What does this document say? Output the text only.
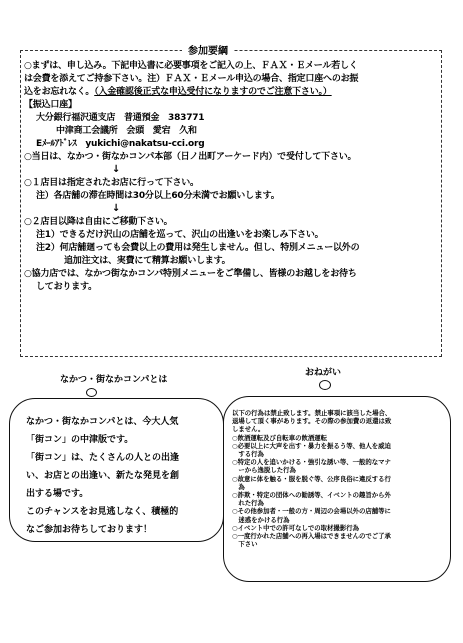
参加要綱
○まずは、申し込み。下記申込書に必要事項をご記入の上、ＦＡＸ・Ｅメール若しく
は会費を添えてご持参下さい。注）ＦＡＸ・Ｅメール申込の場合、指定口座へのお振
込をお忘れなく。（入金確認後正式な申込受付になりますのでご注意下さい。）
【振込口座】
大分銀行福沢通支店　普通預金　383771
中津商工会議所　会頭　愛宕　久和
Eﾒｰﾙｱﾄﾞﾚｽ　yukichi@nakatsu-cci.org
○当日は、なかつ・街なかコンパ本部（日ノ出町アーケード内）で受付して下さい。
↓
○１店目は指定されたお店に行って下さい。
注）各店舗の滞在時間は30分以上60分未満でお願いします。
↓
○２店目以降は自由にご移動下さい。
注1）できるだけ沢山の店舗を巡って、沢山の出逢いをお楽しみ下さい。
注2）何店舗廻っても会費以上の費用は発生しません。但し、特別メニュー以外の
追加注文は、実費にて精算お願いします。
○協力店では、なかつ街なかコンパ特別メニューをご準備し、皆様のお越しをお待ち
しております。
なかつ・街なかコンパとは
なかつ・街なかコンパとは、今大人気
「街コン」の中津版です。
「街コン」は、たくさんの人との出逢
い、お店との出逢い、新たな発見を創
出する場です。
このチャンスをお見逃しなく、積極的
なご参加お待ちしております！
おねがい
以下の行為は禁止致します。禁止事項に該当した場合、
退場して頂く事があります。その際の参加費の返還は致
しません。
○飲酒運転及び自転車の飲酒運転
○必要以上に大声を出す・暴力を振るう等、他人を威迫
　する行為
○特定の人を追いかける・強引な誘い等、一般的なマナ
　ーから逸脱した行為
○故意に体を触る・服を脱ぐ等、公序良俗に違反する行
　為
○詐欺・特定の団体への勧誘等、イベントの趣旨から外
　れた行為
○その他参加者・一般の方・周辺の会場以外の店舗等に
　迷惑をかける行為
○イベント中での許可なしでの取材撮影行為
○一度行かれた店舗への再入場はできませんのでご了承
　下さい
